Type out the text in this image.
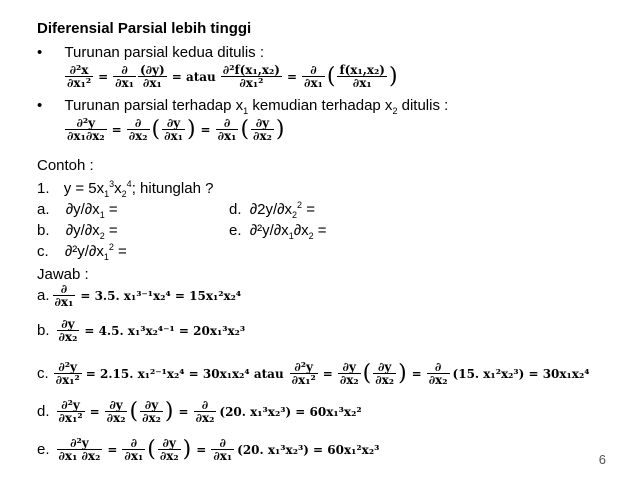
Diferensial Parsial lebih tinggi
• Turunan parsial kedua ditulis :
$\frac{\text{∂²x}}{\text{∂x₁²}} = \frac{\partial}{\text{∂x₁}} \frac{(\partial y)}{\text{∂x₁}}$ = atau $\frac{\text{∂²f(x₁,x₂)}}{\text{∂x₁²}} = \frac{\partial}{\text{∂x₁}}$ ( $\frac{\text{f(x₁,x₂)}}{\text{∂x₁}}$ )
• Turunan parsial terhadap $x_1$ kemudian terhadap $x_2$ ditulis :
$\frac{\text{∂²y}}{\text{∂x₁∂x₂}} = \frac{\partial}{\text{∂x₂}}$ ( $\frac{\partial y}{\text{∂x₁}}$ ) = $\frac{\partial}{\text{∂x₁}}$ ( $\frac{\partial y}{\text{∂x₂}}$ )
Contoh :
1. $y = 5x_1^3x_2^4$; hitunglah ?
a. $\partial y/\partial x_1$ =	d. $\partial 2y/\partial x_2^2$ =
b. $\partial y/\partial x_2$ =	e. $\partial^2y/\partial x_1\partial x_2$ =
c. $\partial^2y/\partial x_1^2$ =
Jawab :
a. $\frac{\partial}{\text{∂x₁}} = 3.5$. x₁³⁻¹x₂⁴ = 15x₁²x₂⁴
b. $\frac{\partial y}{\text{∂x₂}} = 4.5$. x₁³x₂⁴⁻¹ = 20x₁³x₂³
c. $\frac{\text{∂²y}}{\text{∂x₁²}} = 2.15$. x₁²⁻¹x₂⁴ = 30x₁x₂⁴ atau $\frac{\text{∂²y}}{\text{∂x₁²}} = \frac{\partial y}{\text{∂x₂}}$ ( $\frac{\partial y}{\text{∂x₂}}$ ) = $\frac{\partial}{\text{∂x₂}} (15$. x₁²x₂³) = 30x₁x₂⁴
d. $\frac{\text{∂²y}}{\text{∂x₁²}} = \frac{\partial y}{\text{∂x₂}}$ ( $\frac{\partial y}{\text{∂x₂}}$ ) = $\frac{\partial}{\text{∂x₂}} (20$. x₁³x₂³) = 60x₁³x₂²
e. $\frac{\text{∂²y}}{\text{∂x₁ ∂x₂}} = \frac{\partial}{\text{∂x₁}}$ ( $\frac{\partial y}{\text{∂x₂}}$ ) = $\frac{\partial}{\text{∂x₁}} (20$. x₁³x₂³) = 60x₁²x₂³
6
